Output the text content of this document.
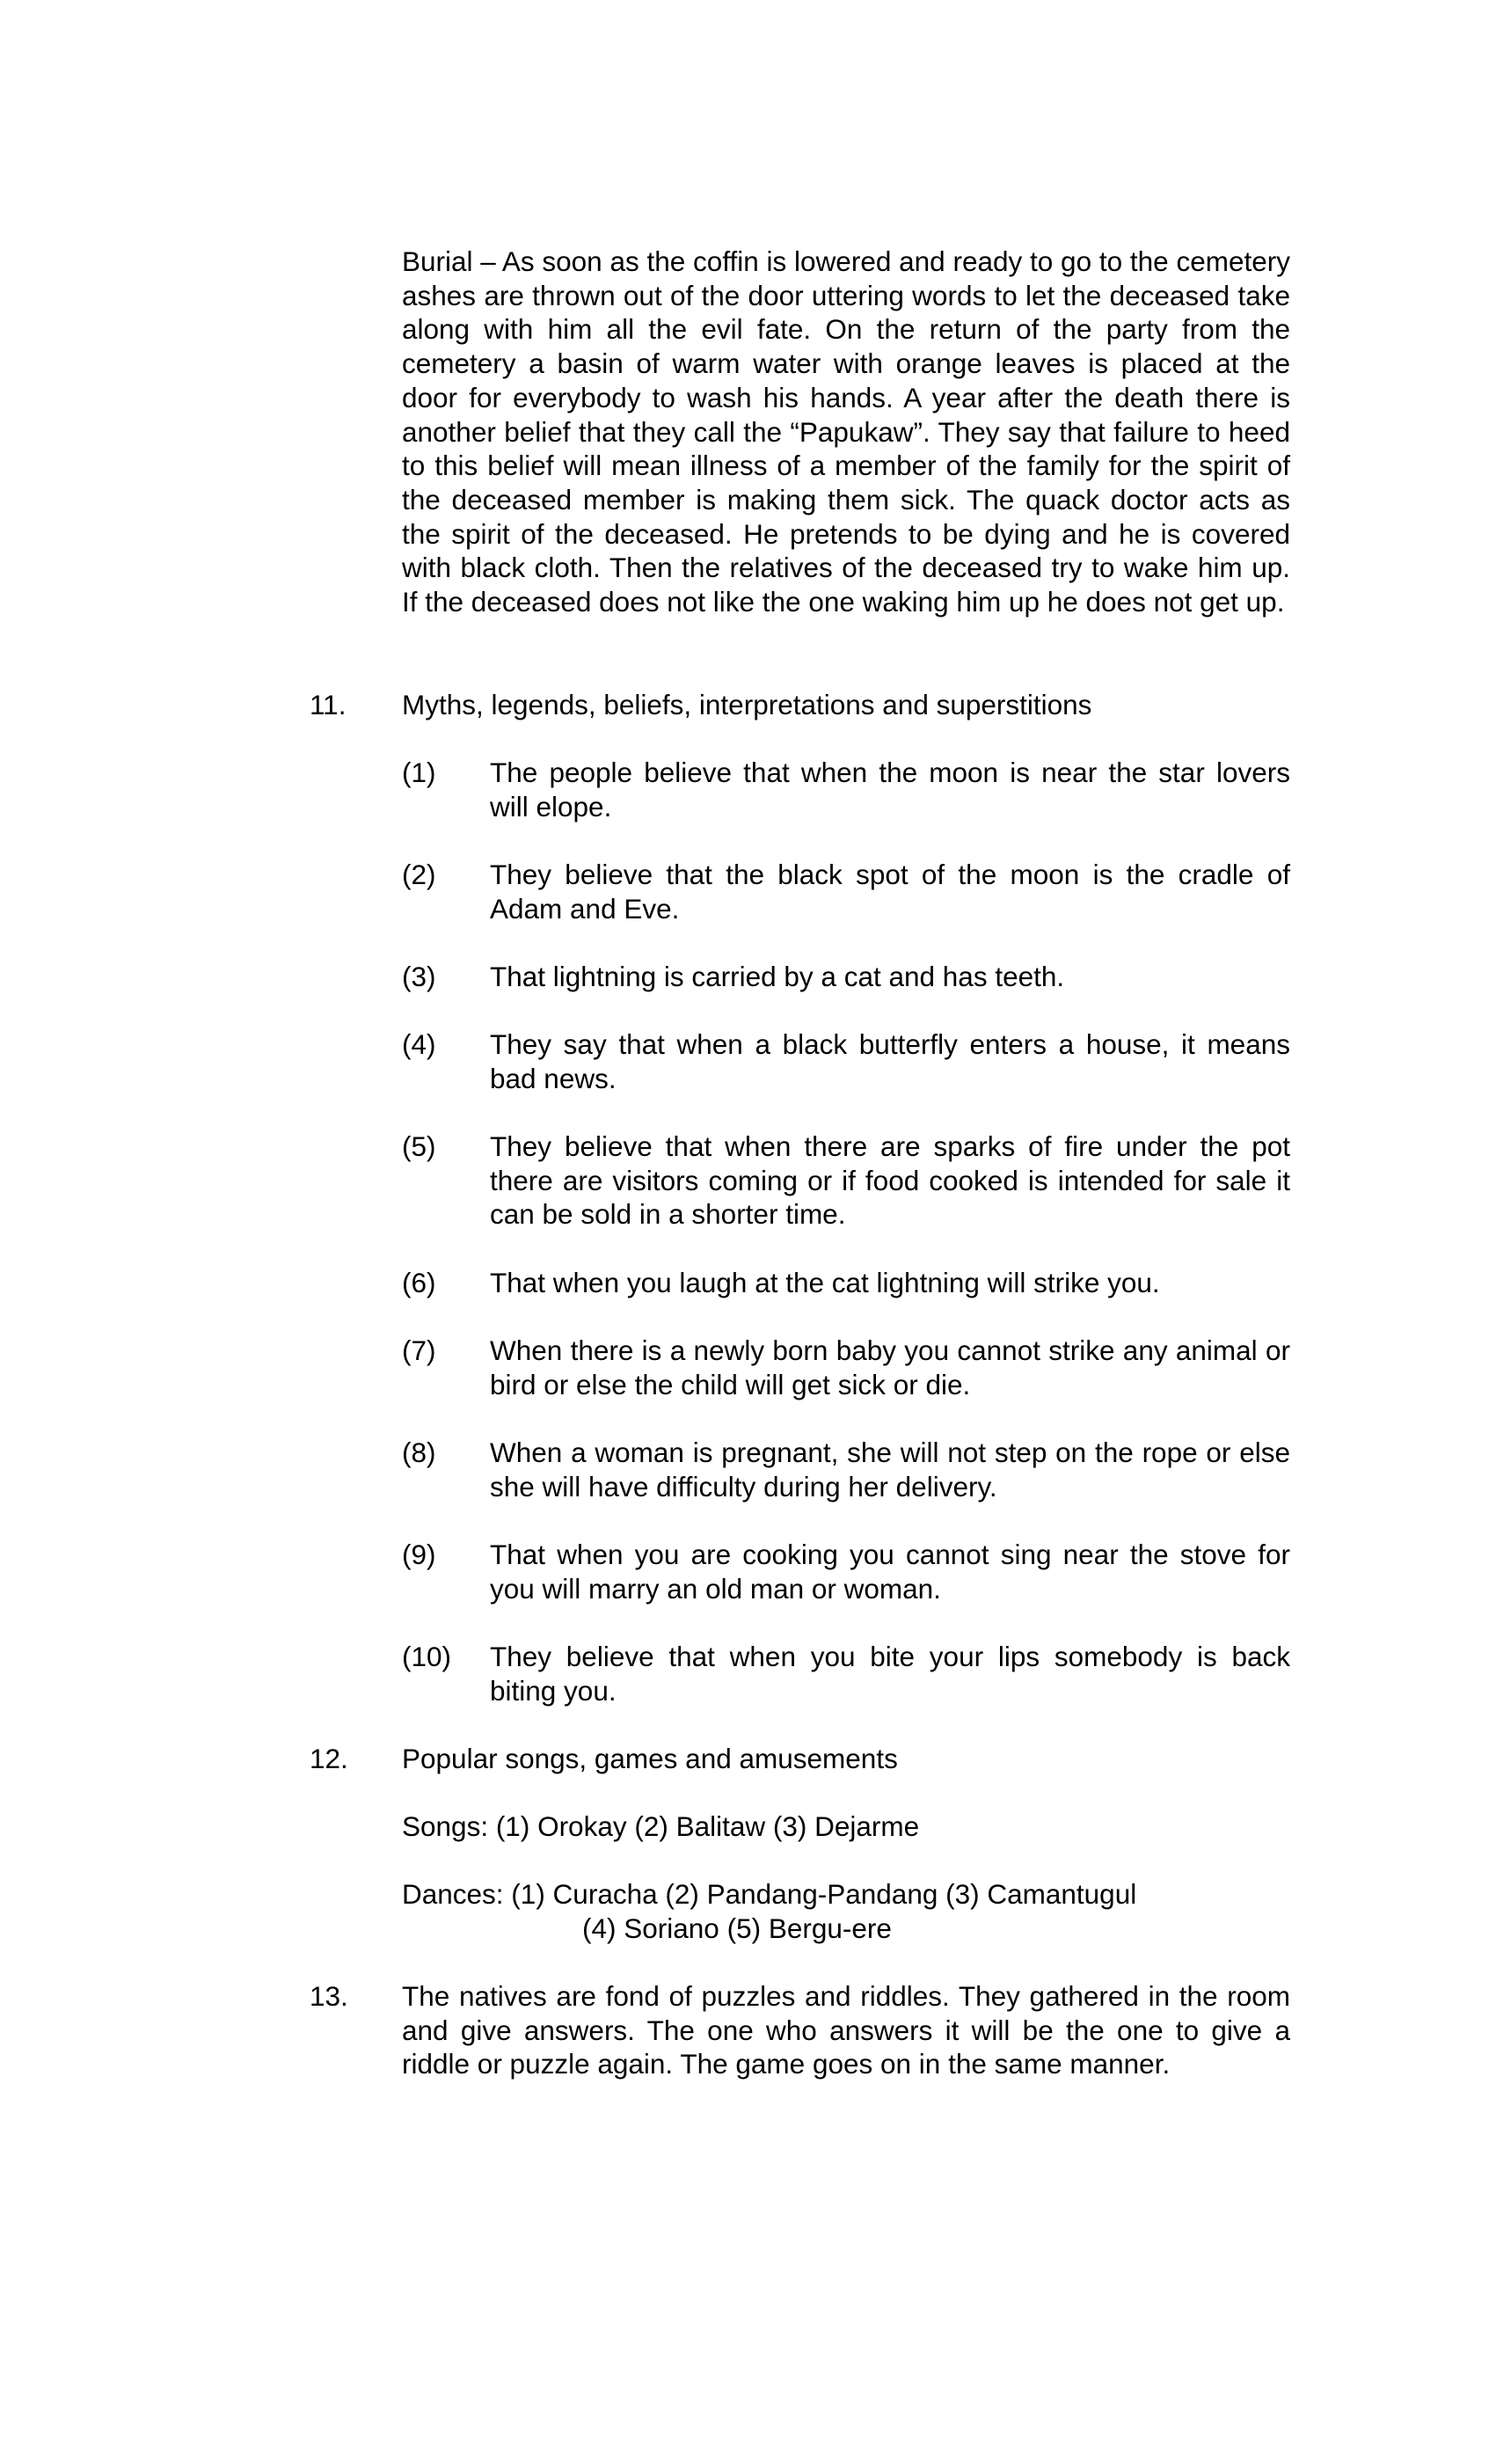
Burial – As soon as the coffin is lowered and ready to go to the cemetery ashes are thrown out of the door uttering words to let the deceased take along with him all the evil fate. On the return of the party from the cemetery a basin of warm water with orange leaves is placed at the door for everybody to wash his hands. A year after the death there is another belief that they call the “Papukaw”. They say that failure to heed to this belief will mean illness of a member of the family for the spirit of the deceased member is making them sick. The quack doctor acts as the spirit of the deceased. He pretends to be dying and he is covered with black cloth. Then the relatives of the deceased try to wake him up. If the deceased does not like the one waking him up he does not get up.

11. Myths, legends, beliefs, interpretations and superstitions

(1) The people believe that when the moon is near the star lovers will elope.
(2) They believe that the black spot of the moon is the cradle of Adam and Eve.
(3) That lightning is carried by a cat and has teeth.
(4) They say that when a black butterfly enters a house, it means bad news.
(5) They believe that when there are sparks of fire under the pot there are visitors coming or if food cooked is intended for sale it can be sold in a shorter time.
(6) That when you laugh at the cat lightning will strike you.
(7) When there is a newly born baby you cannot strike any animal or bird or else the child will get sick or die.
(8) When a woman is pregnant, she will not step on the rope or else she will have difficulty during her delivery.
(9) That when you are cooking you cannot sing near the stove for you will marry an old man or woman.
(10) They believe that when you bite your lips somebody is back biting you.

12. Popular songs, games and amusements

Songs: (1) Orokay (2) Balitaw (3) Dejarme

Dances: (1) Curacha (2) Pandang-Pandang (3) Camantugul

(4) Soriano (5) Bergu-ere

13. The natives are fond of puzzles and riddles. They gathered in the room and give answers. The one who answers it will be the one to give a riddle or puzzle again. The game goes on in the same manner.
